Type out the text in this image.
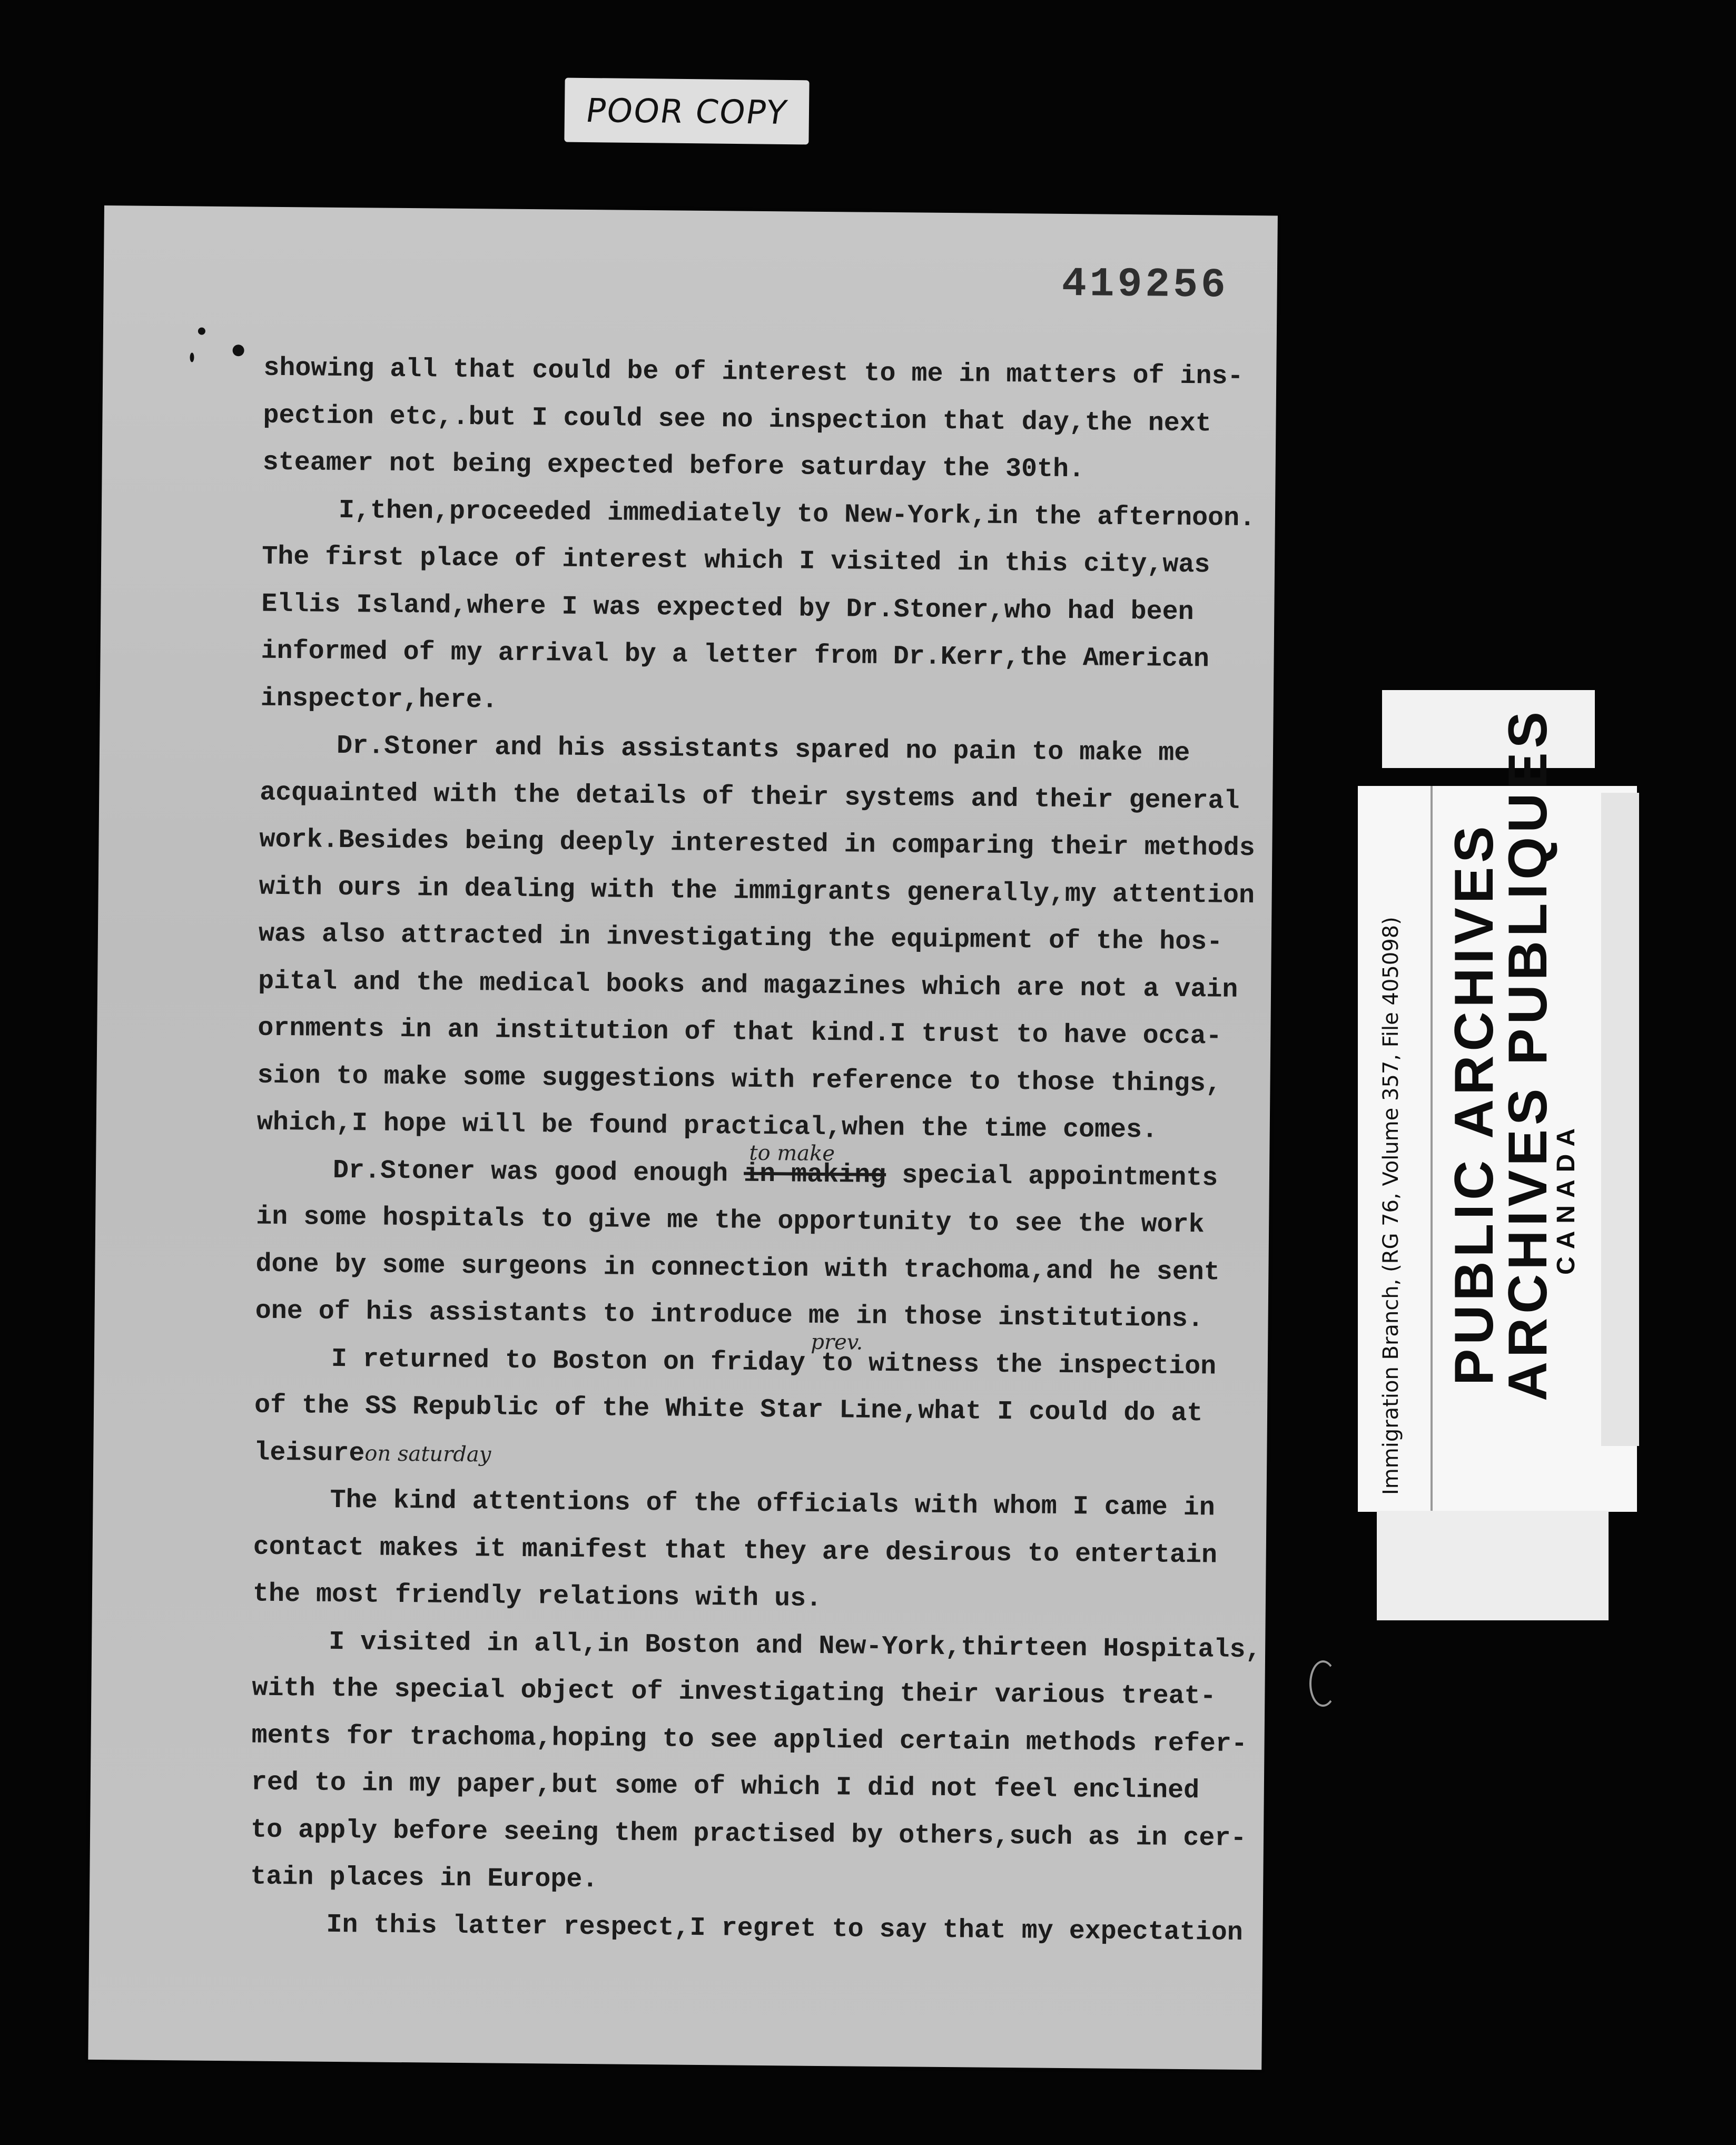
POOR COPY
419256
showing all that could be of interest to me in matters of ins-
pection etc,.but I could see no inspection that day,the next
steamer not being expected before saturday the 30th.
I,then,proceeded immediately to New-York,in the afternoon.
The first place of interest which I visited in this city,was
Ellis Island,where I was expected by Dr.Stoner,who had been
informed of my arrival by a letter from Dr.Kerr,the American
inspector,here.
Dr.Stoner and his assistants spared no pain to make me
acquainted with the details of their systems and their general
work.Besides being deeply interested in comparing their methods
with ours in dealing with the immigrants generally,my attention
was also attracted in investigating the equipment of the hos-
pital and the medical books and magazines which are not a vain
ornments in an institution of that kind.I trust to have occa-
sion to make some suggestions with reference to those things,
which,I hope will be found practical,when the time comes.
Dr.Stoner was good enough
to make
in making special appointments
in some hospitals to give me the opportunity to see the work
done by some surgeons in connection with trachoma,and he sent
one of his assistants to introduce me in those institutions.
I returned to Boston on friday
prev.
to witness the inspection
of the SS Republic of the White Star Line,what I could do at
leisureon saturday
The kind attentions of the officials with whom I came in
contact makes it manifest that they are desirous to entertain
the most friendly relations with us.
I visited in all,in Boston and New-York,thirteen Hospitals,
with the special object of investigating their various treat-
ments for trachoma,hoping to see applied certain methods refer-
red to in my paper,but some of which I did not feel enclined
to apply before seeing them practised by others,such as in cer-
tain places in Europe.
In this latter respect,I regret to say that my expectation
Immigration Branch, (RG 76, Volume 357, File 405098) PUBLIC ARCHIVES
ARCHIVES PUBLIQUES
CANADA
